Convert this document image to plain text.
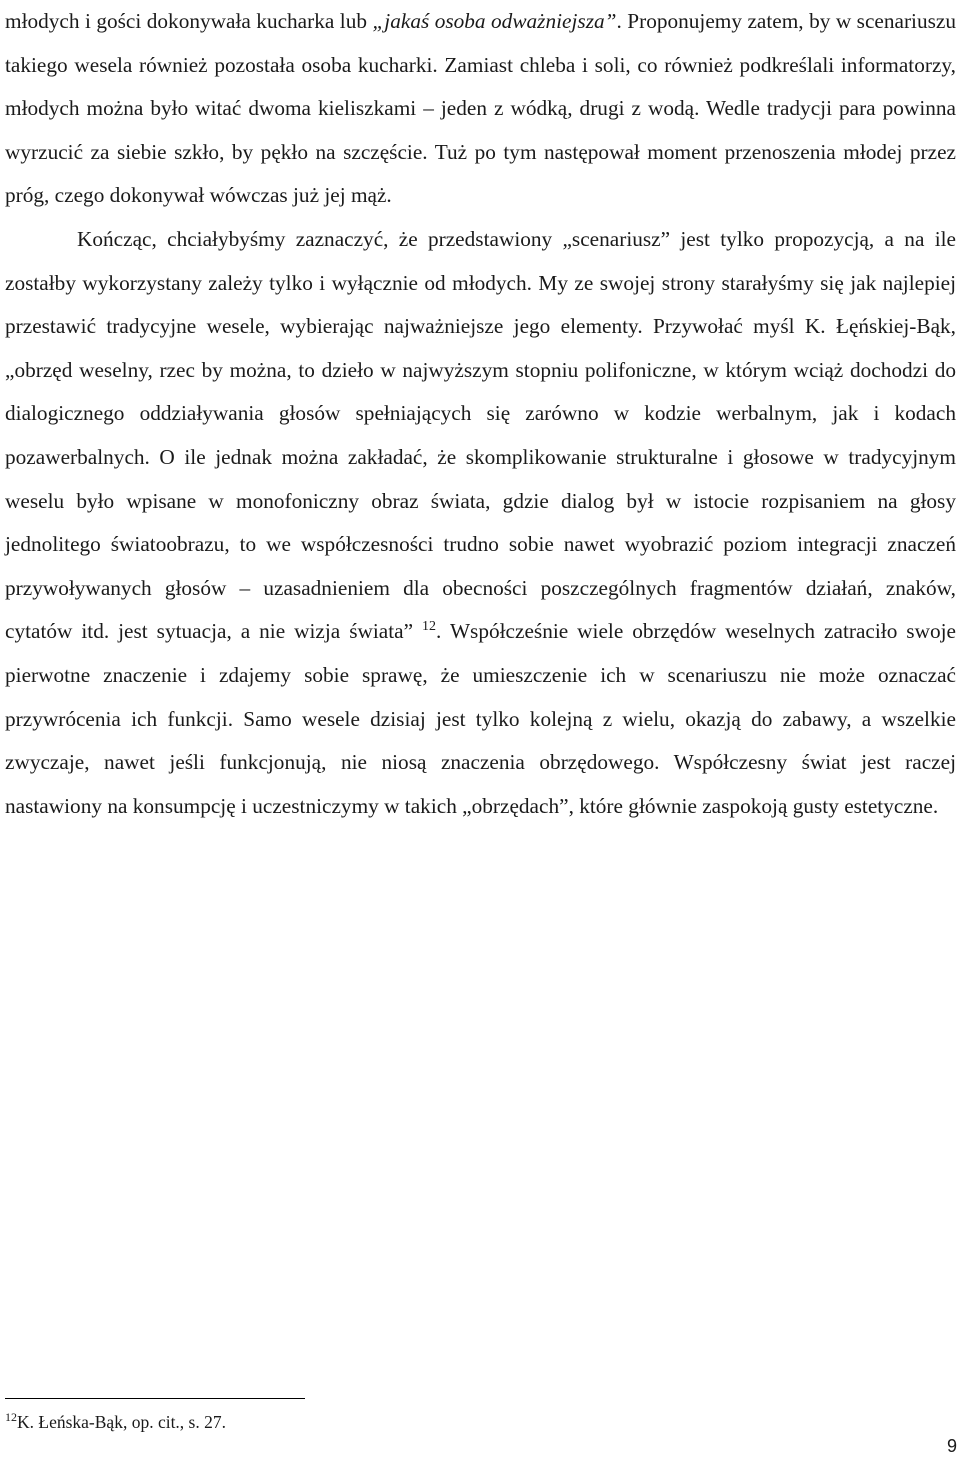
młodych i gości dokonywała kucharka lub „jakaś osoba odważniejsza”. Proponujemy zatem, by w scenariuszu takiego wesela również pozostała osoba kucharki. Zamiast chleba i soli, co również podkreślali informatorzy, młodych można było witać dwoma kieliszkami – jeden z wódką, drugi z wodą. Wedle tradycji para powinna wyrzucić za siebie szkło, by pękło na szczęście. Tuż po tym następował moment przenoszenia młodej przez próg, czego dokonywał wówczas już jej mąż.

Kończąc, chciałybyśmy zaznaczyć, że przedstawiony „scenariusz” jest tylko propozycją, a na ile zostałby wykorzystany zależy tylko i wyłącznie od młodych. My ze swojej strony starałyśmy się jak najlepiej przestawić tradycyjne wesele, wybierając najważniejsze jego elementy. Przywołać myśl K. Łęńskiej-Bąk, „obrzęd weselny, rzec by można, to dzieło w najwyższym stopniu polifoniczne, w którym wciąż dochodzi do dialogicznego oddziaływania głosów spełniających się zarówno w kodzie werbalnym, jak i kodach pozawerbalnych. O ile jednak można zakładać, że skomplikowanie strukturalne i głosowe w tradycyjnym weselu było wpisane w monofoniczny obraz świata, gdzie dialog był w istocie rozpisaniem na głosy jednolitego światoobrazu, to we współczesności trudno sobie nawet wyobrazić poziom integracji znaczeń przywoływanych głosów – uzasadnieniem dla obecności poszczególnych fragmentów działań, znaków, cytatów itd. jest sytuacja, a nie wizja świata” $^{12}$. Współcześnie wiele obrzędów weselnych zatraciło swoje pierwotne znaczenie i zdajemy sobie sprawę, że umieszczenie ich w scenariuszu nie może oznaczać przywrócenia ich funkcji. Samo wesele dzisiaj jest tylko kolejną z wielu, okazją do zabawy, a wszelkie zwyczaje, nawet jeśli funkcjonują, nie niosą znaczenia obrzędowego. Współczesny świat jest raczej nastawiony na konsumpcję i uczestniczymy w takich „obrzędach”, które głównie zaspokoją gusty estetyczne.

$^{12}$K. Łeńska-Bąk, op. cit., s. 27.
9
